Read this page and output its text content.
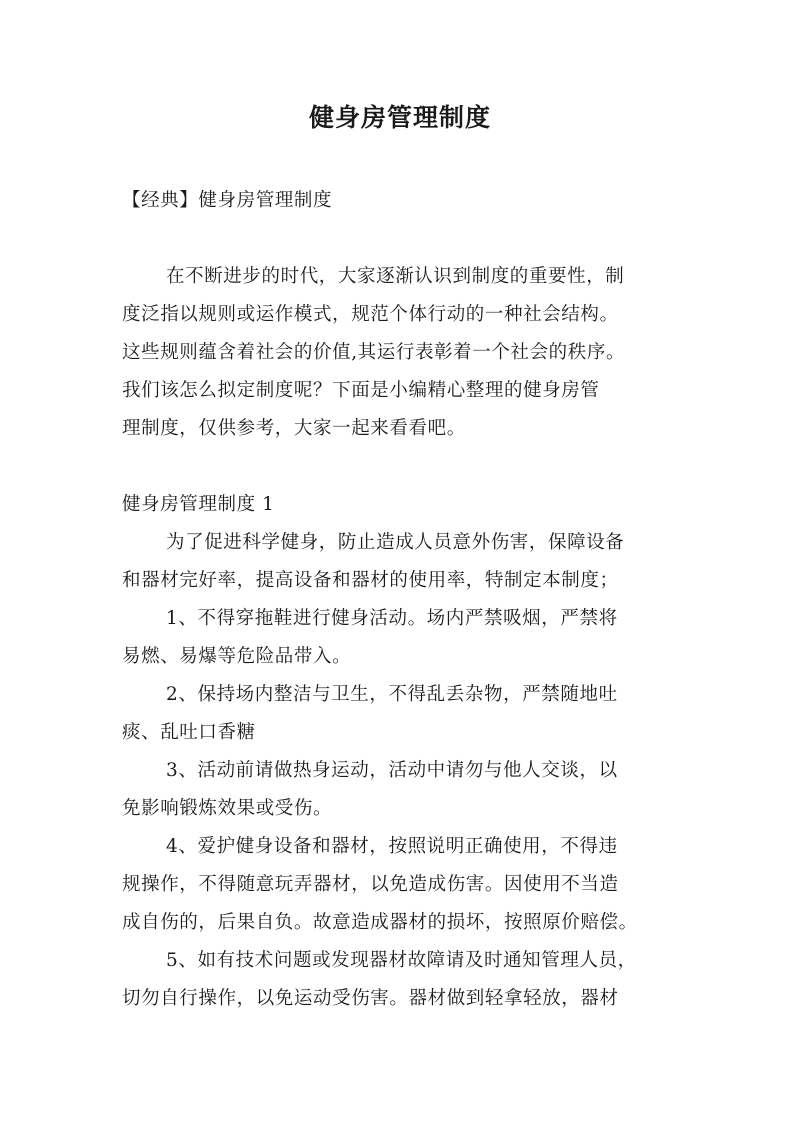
健身房管理制度

【经典】健身房管理制度

在不断进步的时代，大家逐渐认识到制度的重要性，制

度泛指以规则或运作模式，规范个体行动的一种社会结构。

这些规则蕴含着社会的价值,其运行表彰着一个社会的秩序。

我们该怎么拟定制度呢？下面是小编精心整理的健身房管

理制度，仅供参考，大家一起来看看吧。

健身房管理制度 1

为了促进科学健身，防止造成人员意外伤害，保障设备

和器材完好率，提高设备和器材的使用率，特制定本制度；

1、不得穿拖鞋进行健身活动。场内严禁吸烟，严禁将

易燃、易爆等危险品带入。

2、保持场内整洁与卫生，不得乱丢杂物，严禁随地吐

痰、乱吐口香糖

3、活动前请做热身运动，活动中请勿与他人交谈，以

免影响锻炼效果或受伤。

4、爱护健身设备和器材，按照说明正确使用，不得违

规操作，不得随意玩弄器材，以免造成伤害。因使用不当造

成自伤的，后果自负。故意造成器材的损坏，按照原价赔偿。

5、如有技术问题或发现器材故障请及时通知管理人员，

切勿自行操作，以免运动受伤害。器材做到轻拿轻放，器材
